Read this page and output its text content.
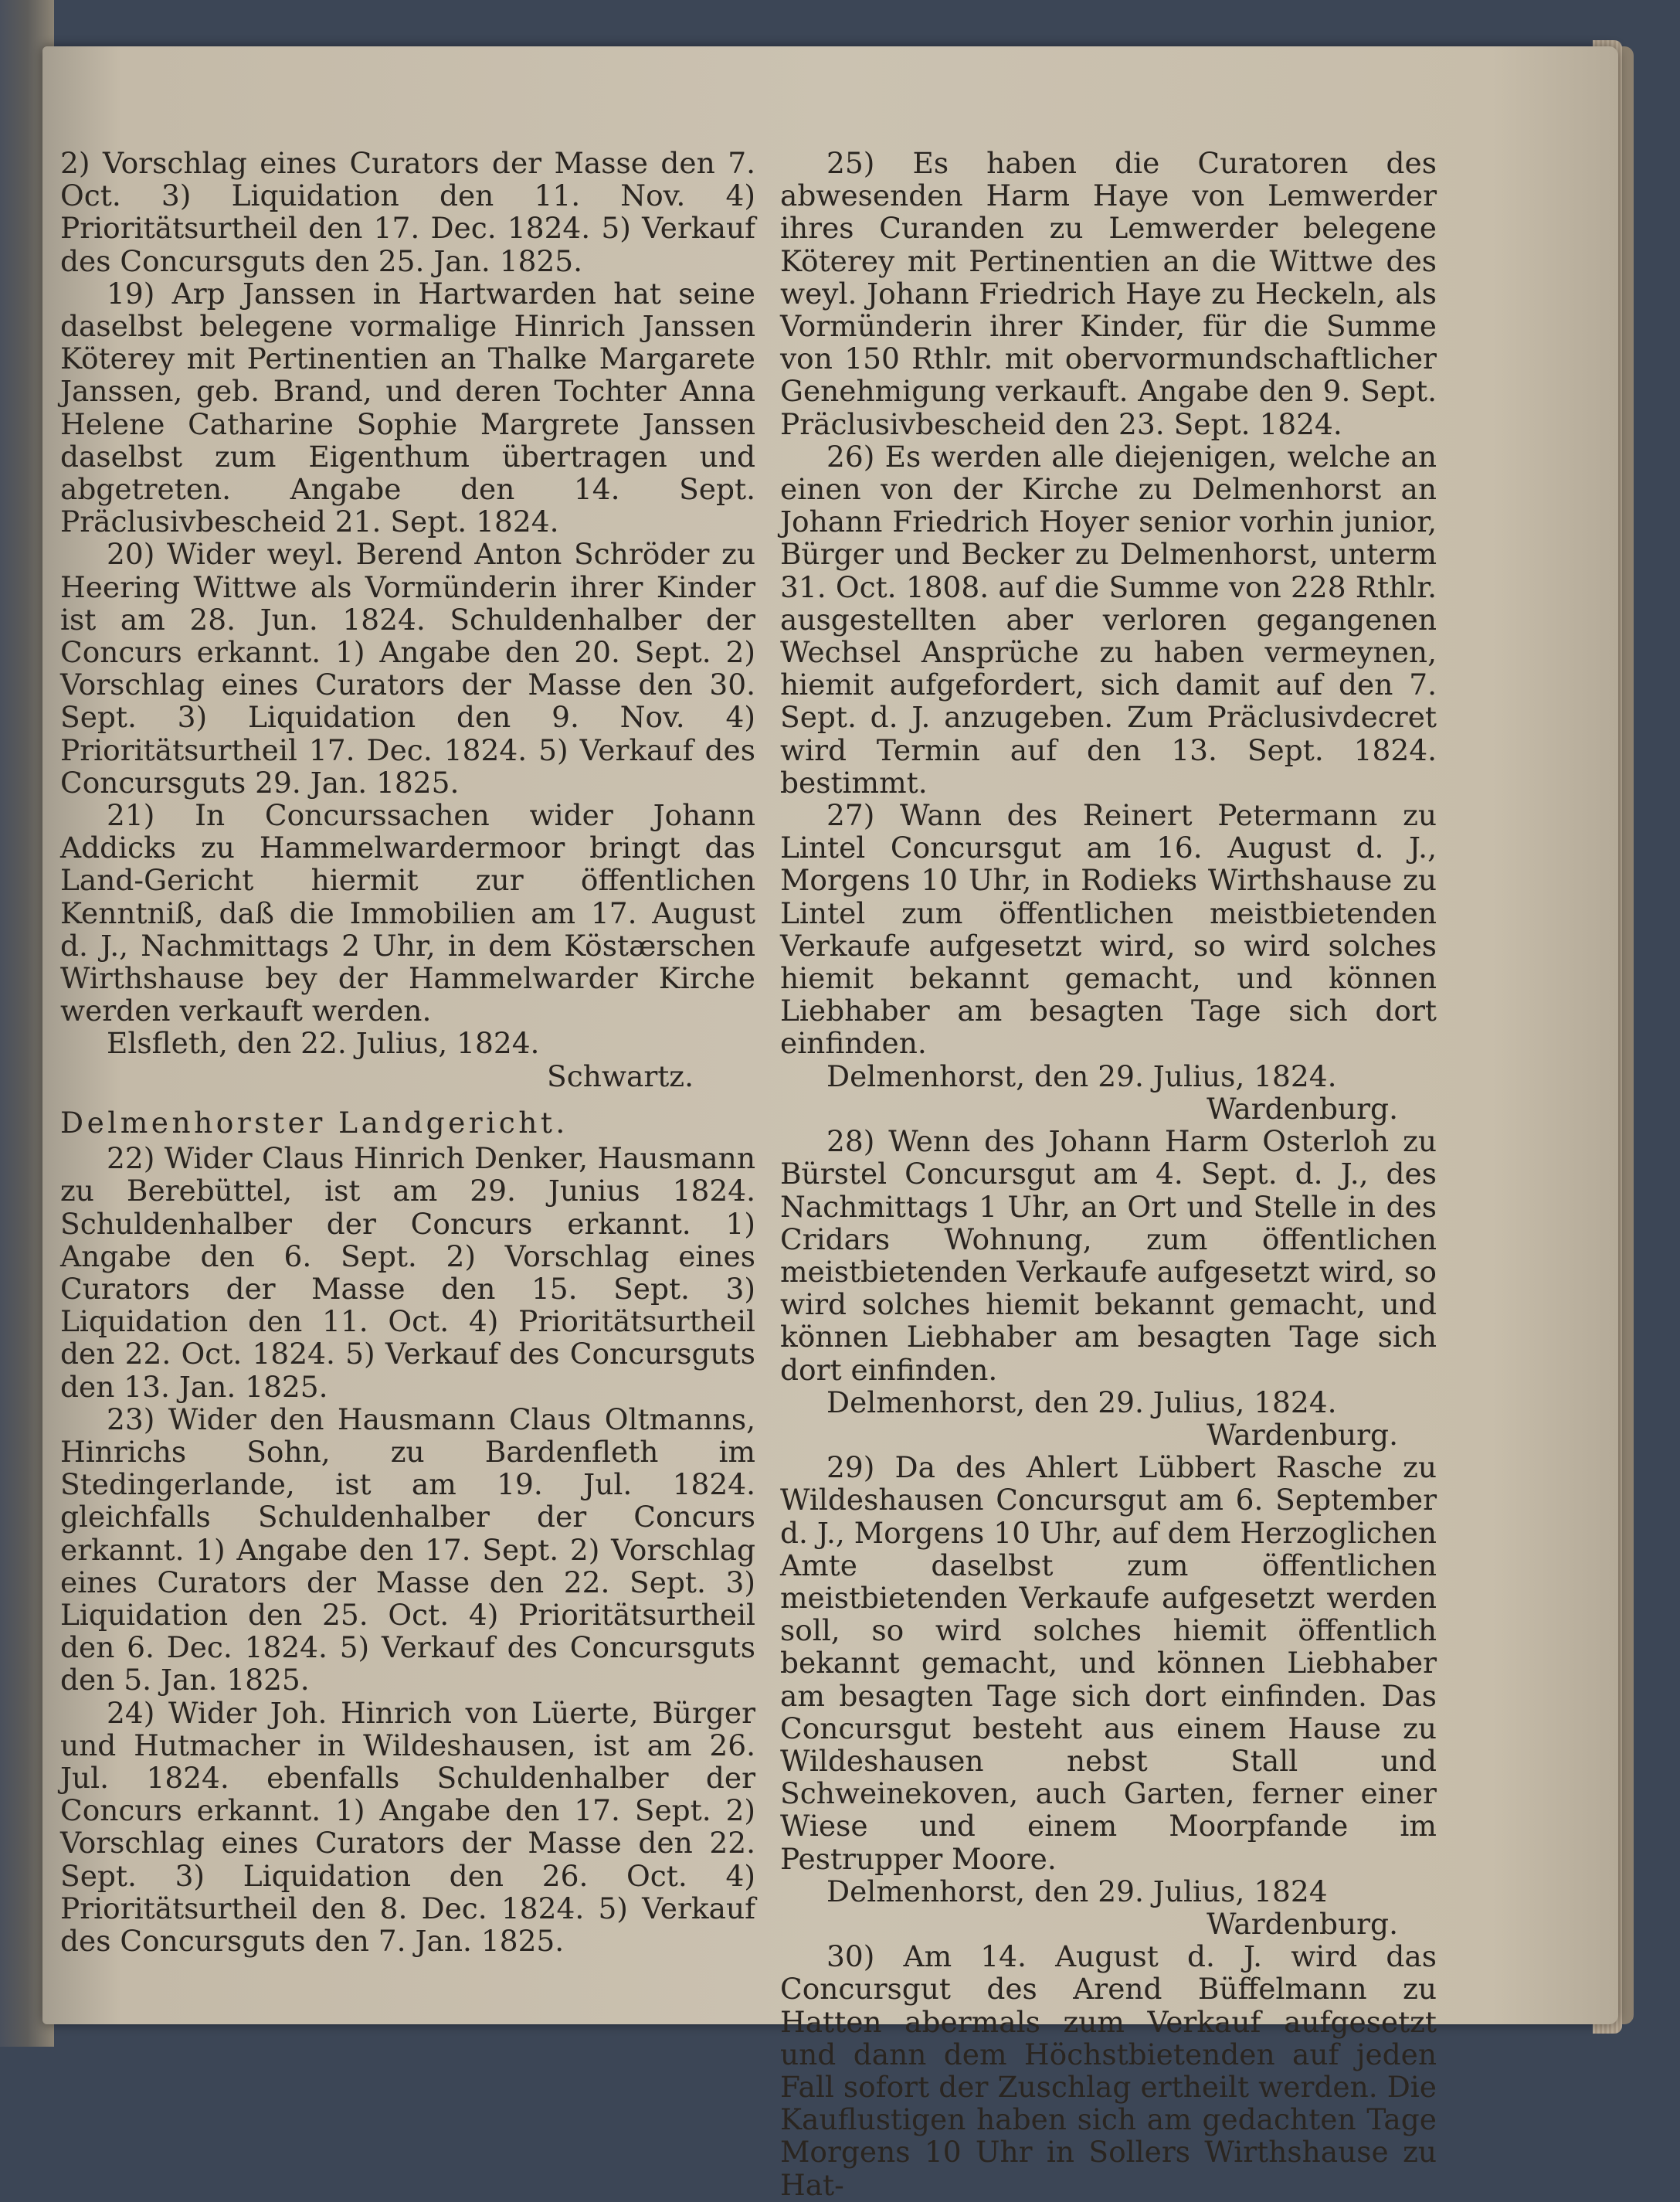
2) Vorschlag eines Curators der Masse den 7. Oct. 3) Liquidation den 11. Nov. 4) Prioritätsurtheil den 17. Dec. 1824. 5) Verkauf des Concursguts den 25. Jan. 1825.

19) Arp Janssen in Hartwarden hat seine daselbst belegene vormalige Hinrich Janssen Köterey mit Pertinentien an Thalke Margarete Janssen, geb. Brand, und deren Tochter Anna Helene Catharine Sophie Margrete Janssen daselbst zum Eigenthum übertragen und abgetreten. Angabe den 14. Sept. Präclusivbescheid 21. Sept. 1824.

20) Wider weyl. Berend Anton Schröder zu Heering Wittwe als Vormünderin ihrer Kinder ist am 28. Jun. 1824. Schuldenhalber der Concurs erkannt. 1) Angabe den 20. Sept. 2) Vorschlag eines Curators der Masse den 30. Sept. 3) Liquidation den 9. Nov. 4) Prioritätsurtheil 17. Dec. 1824. 5) Verkauf des Concursguts 29. Jan. 1825.

21) In Concurssachen wider Johann Addicks zu Hammelwardermoor bringt das Land-Gericht hiermit zur öffentlichen Kenntniß, daß die Immobilien am 17. August d. J., Nachmittags 2 Uhr, in dem Köstærschen Wirthshause bey der Hammelwarder Kirche werden verkauft werden.

Elsfleth, den 22. Julius, 1824.

Schwartz.

Delmenhorster Landgericht.

22) Wider Claus Hinrich Denker, Hausmann zu Berebüttel, ist am 29. Junius 1824. Schuldenhalber der Concurs erkannt. 1) Angabe den 6. Sept. 2) Vorschlag eines Curators der Masse den 15. Sept. 3) Liquidation den 11. Oct. 4) Prioritätsurtheil den 22. Oct. 1824. 5) Verkauf des Concursguts den 13. Jan. 1825.

23) Wider den Hausmann Claus Oltmanns, Hinrichs Sohn, zu Bardenfleth im Stedingerlande, ist am 19. Jul. 1824. gleichfalls Schuldenhalber der Concurs erkannt. 1) Angabe den 17. Sept. 2) Vorschlag eines Curators der Masse den 22. Sept. 3) Liquidation den 25. Oct. 4) Prioritätsurtheil den 6. Dec. 1824. 5) Verkauf des Concursguts den 5. Jan. 1825.

24) Wider Joh. Hinrich von Lüerte, Bürger und Hutmacher in Wildeshausen, ist am 26. Jul. 1824. ebenfalls Schuldenhalber der Concurs erkannt. 1) Angabe den 17. Sept. 2) Vorschlag eines Curators der Masse den 22. Sept. 3) Liquidation den 26. Oct. 4) Prioritätsurtheil den 8. Dec. 1824. 5) Verkauf des Concursguts den 7. Jan. 1825.

25) Es haben die Curatoren des abwesenden Harm Haye von Lemwerder ihres Curanden zu Lemwerder belegene Köterey mit Pertinentien an die Wittwe des weyl. Johann Friedrich Haye zu Heckeln, als Vormünderin ihrer Kinder, für die Summe von 150 Rthlr. mit obervormundschaftlicher Genehmigung verkauft. Angabe den 9. Sept. Präclusivbescheid den 23. Sept. 1824.

26) Es werden alle diejenigen, welche an einen von der Kirche zu Delmenhorst an Johann Friedrich Hoyer senior vorhin junior, Bürger und Becker zu Delmenhorst, unterm 31. Oct. 1808. auf die Summe von 228 Rthlr. ausgestellten aber verloren gegangenen Wechsel Ansprüche zu haben vermeynen, hiemit aufgefordert, sich damit auf den 7. Sept. d. J. anzugeben. Zum Präclusivdecret wird Termin auf den 13. Sept. 1824. bestimmt.

27) Wann des Reinert Petermann zu Lintel Concursgut am 16. August d. J., Morgens 10 Uhr, in Rodieks Wirthshause zu Lintel zum öffentlichen meistbietenden Verkaufe aufgesetzt wird, so wird solches hiemit bekannt gemacht, und können Liebhaber am besagten Tage sich dort einfinden.

Delmenhorst, den 29. Julius, 1824.

Wardenburg.

28) Wenn des Johann Harm Osterloh zu Bürstel Concursgut am 4. Sept. d. J., des Nachmittags 1 Uhr, an Ort und Stelle in des Cridars Wohnung, zum öffentlichen meistbietenden Verkaufe aufgesetzt wird, so wird solches hiemit bekannt gemacht, und können Liebhaber am besagten Tage sich dort einfinden.

Delmenhorst, den 29. Julius, 1824.

Wardenburg.

29) Da des Ahlert Lübbert Rasche zu Wildeshausen Concursgut am 6. September d. J., Morgens 10 Uhr, auf dem Herzoglichen Amte daselbst zum öffentlichen meistbietenden Verkaufe aufgesetzt werden soll, so wird solches hiemit öffentlich bekannt gemacht, und können Liebhaber am besagten Tage sich dort einfinden. Das Concursgut besteht aus einem Hause zu Wildeshausen nebst Stall und Schweinekoven, auch Garten, ferner einer Wiese und einem Moorpfande im Pestrupper Moore.

Delmenhorst, den 29. Julius, 1824

Wardenburg.

30) Am 14. August d. J. wird das Concursgut des Arend Büffelmann zu Hatten abermals zum Verkauf aufgesetzt und dann dem Höchstbietenden auf jeden Fall sofort der Zuschlag ertheilt werden. Die Kauflustigen haben sich am gedachten Tage Morgens 10 Uhr in Sollers Wirthshause zu Hat-
